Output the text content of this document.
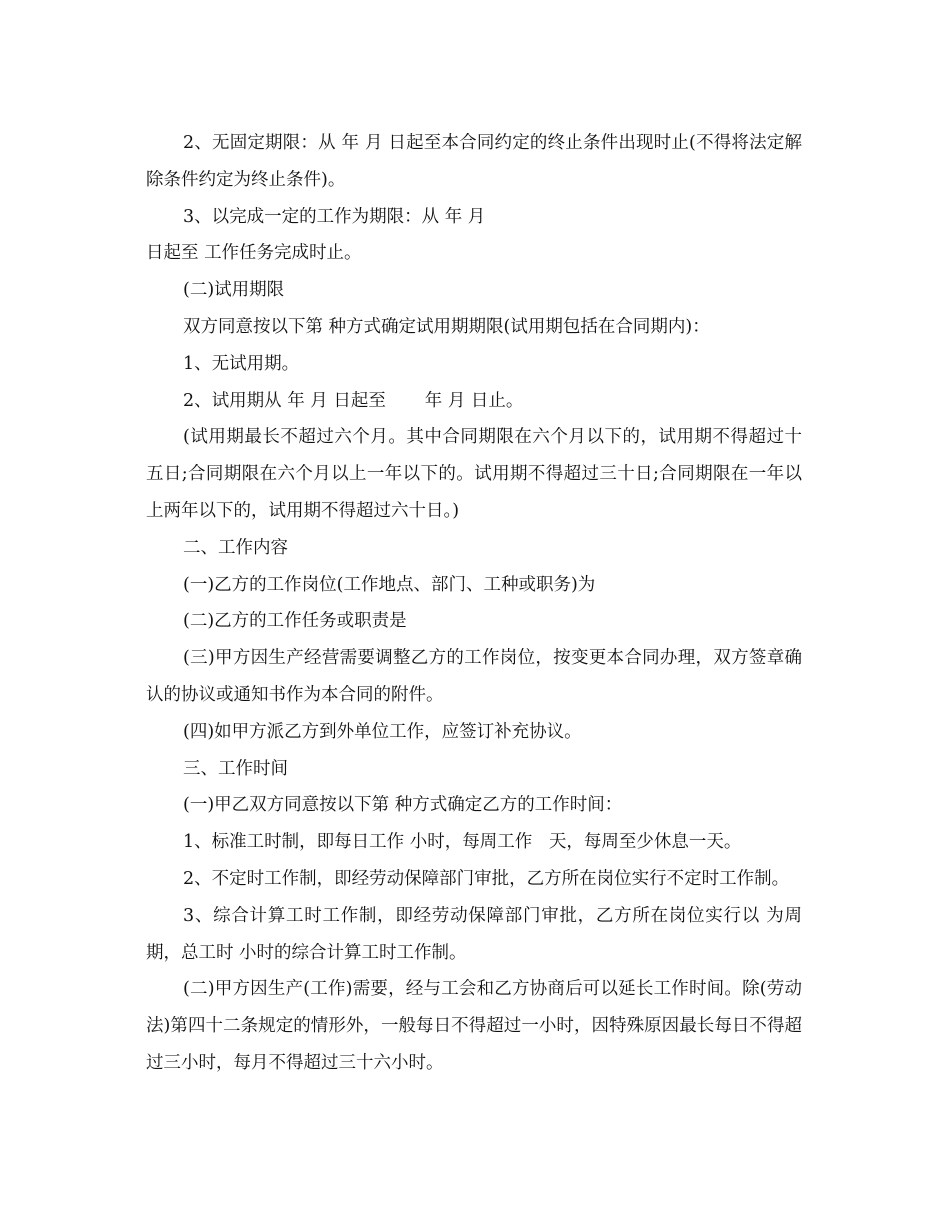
2、无固定期限：从 年 月 日起至本合同约定的终止条件出现时止(不得将法定解除条件约定为终止条件)。

3、以完成一定的工作为期限：从 年 月

日起至 工作任务完成时止。

(二)试用期限

双方同意按以下第 种方式确定试用期期限(试用期包括在合同期内)：

1、无试用期。

2、试用期从 年 月 日起至       年 月 日止。

(试用期最长不超过六个月。其中合同期限在六个月以下的，试用期不得超过十五日;合同期限在六个月以上一年以下的。试用期不得超过三十日;合同期限在一年以上两年以下的，试用期不得超过六十日。)

二、工作内容

(一)乙方的工作岗位(工作地点、部门、工种或职务)为

(二)乙方的工作任务或职责是

(三)甲方因生产经营需要调整乙方的工作岗位，按变更本合同办理，双方签章确认的协议或通知书作为本合同的附件。

(四)如甲方派乙方到外单位工作，应签订补充协议。

三、工作时间

(一)甲乙双方同意按以下第 种方式确定乙方的工作时间：

1、标准工时制，即每日工作 小时，每周工作   天，每周至少休息一天。

2、不定时工作制，即经劳动保障部门审批，乙方所在岗位实行不定时工作制。

3、综合计算工时工作制，即经劳动保障部门审批，乙方所在岗位实行以 为周期，总工时 小时的综合计算工时工作制。

(二)甲方因生产(工作)需要，经与工会和乙方协商后可以延长工作时间。除(劳动法)第四十二条规定的情形外，一般每日不得超过一小时，因特殊原因最长每日不得超过三小时，每月不得超过三十六小时。
